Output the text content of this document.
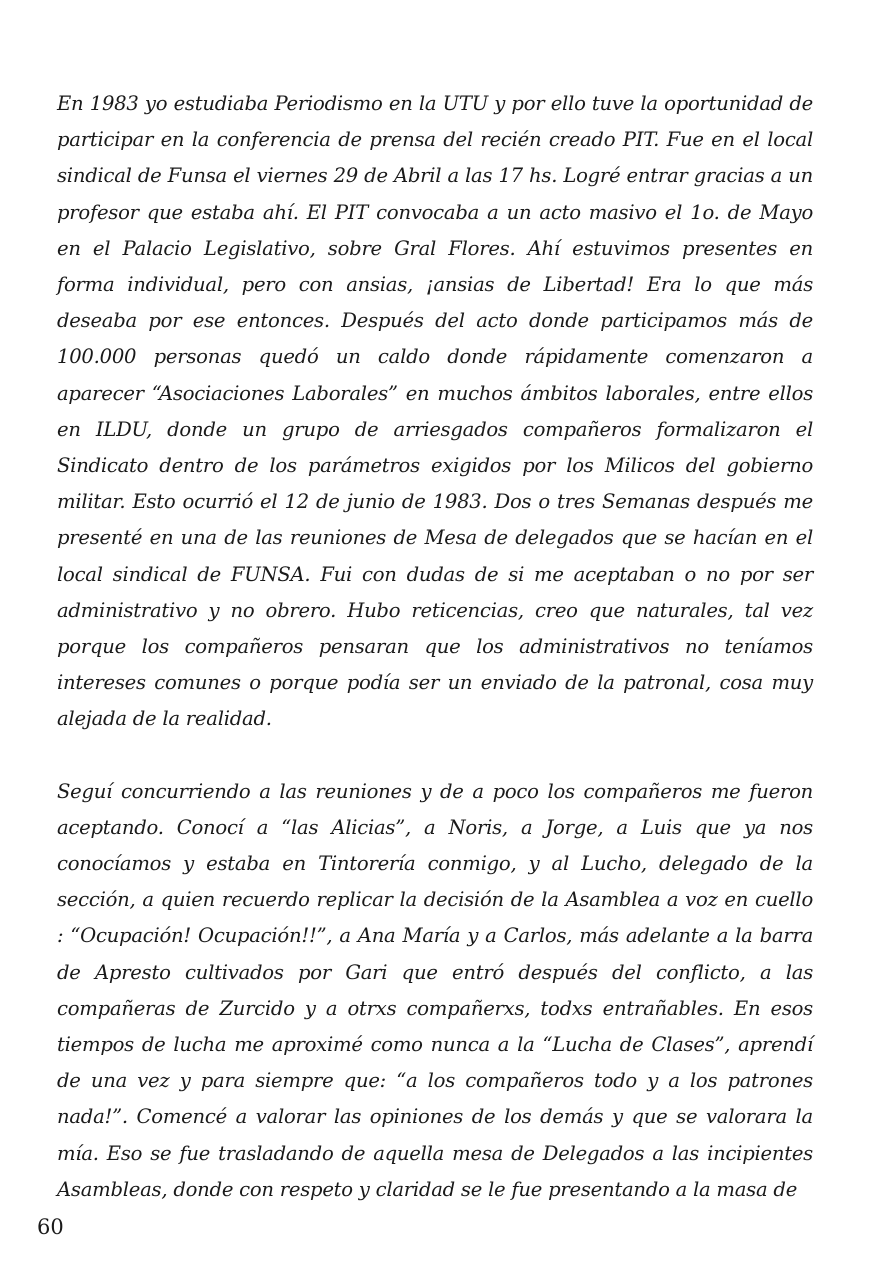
En 1983 yo estudiaba Periodismo en la UTU y por ello tuve la oportunidad de participar en la conferencia de prensa del recién creado PIT. Fue en el local sindical de Funsa el viernes 29 de Abril a las 17 hs. Logré entrar gracias a un profesor que estaba ahí. El PIT convocaba a un acto masivo el 1o. de Mayo en el Palacio Legislativo, sobre Gral Flores. Ahí estuvimos presentes en forma individual, pero con ansias, ¡ansias de Libertad! Era lo que más deseaba por ese entonces. Después del acto donde participamos más de 100.000 personas quedó un caldo donde rápidamente comenzaron a aparecer “Asociaciones Laborales” en muchos ámbitos laborales, entre ellos en ILDU, donde un grupo de arriesgados compañeros formalizaron el Sindicato dentro de los parámetros exigidos por los Milicos del gobierno militar. Esto ocurrió el 12 de junio de 1983. Dos o tres Semanas después me presenté en una de las reuniones de Mesa de delegados que se hacían en el local sindical de FUNSA. Fui con dudas de si me aceptaban o no por ser administrativo y no obrero. Hubo reticencias, creo que naturales, tal vez porque los compañeros pensaran que los administrativos no teníamos intereses comunes o porque podía ser un enviado de la patronal, cosa muy alejada de la realidad.

Seguí concurriendo a las reuniones y de a poco los compañeros me fueron aceptando. Conocí a “las Alicias”, a Noris, a Jorge, a Luis que ya nos conocíamos y estaba en Tintorería conmigo, y al Lucho, delegado de la sección, a quien recuerdo replicar la decisión de la Asamblea a voz en cuello : “Ocupación! Ocupación!!”, a Ana María y a Carlos, más adelante a la barra de Apresto cultivados por Gari que entró después del conflicto, a las compañeras de Zurcido y a otrxs compañerxs, todxs entrañables. En esos tiempos de lucha me aproximé como nunca a la “Lucha de Clases”, aprendí de una vez y para siempre que: “a los compañeros todo y a los patrones nada!”. Comencé a valorar las opiniones de los demás y que se valorara la mía. Eso se fue trasladando de aquella mesa de Delegados a las incipientes Asambleas, donde con respeto y claridad se le fue presentando a la masa de

60
